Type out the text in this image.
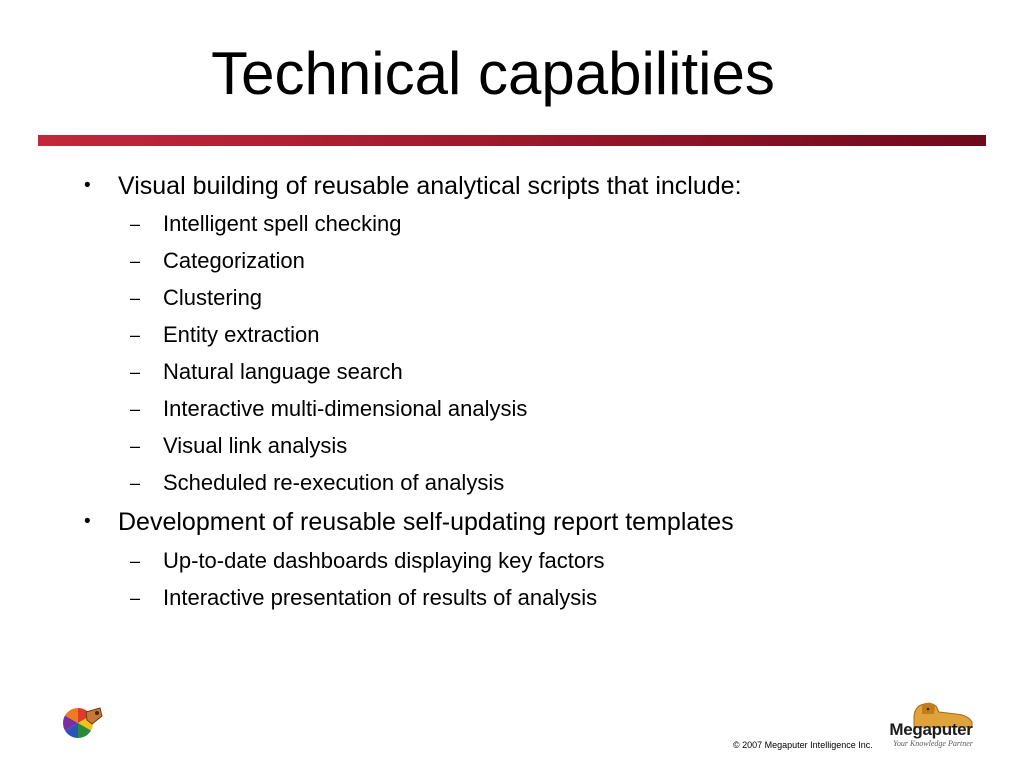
Technical capabilities
• Visual building of reusable analytical scripts that include:
– Intelligent spell checking
– Categorization
– Clustering
– Entity extraction
– Natural language search
– Interactive multi-dimensional analysis
– Visual link analysis
– Scheduled re-execution of analysis
• Development of reusable self-updating report templates
– Up-to-date dashboards displaying key factors
– Interactive presentation of results of analysis
© 2007 Megaputer Intelligence Inc.
Megaputer
Your Knowledge Partner
